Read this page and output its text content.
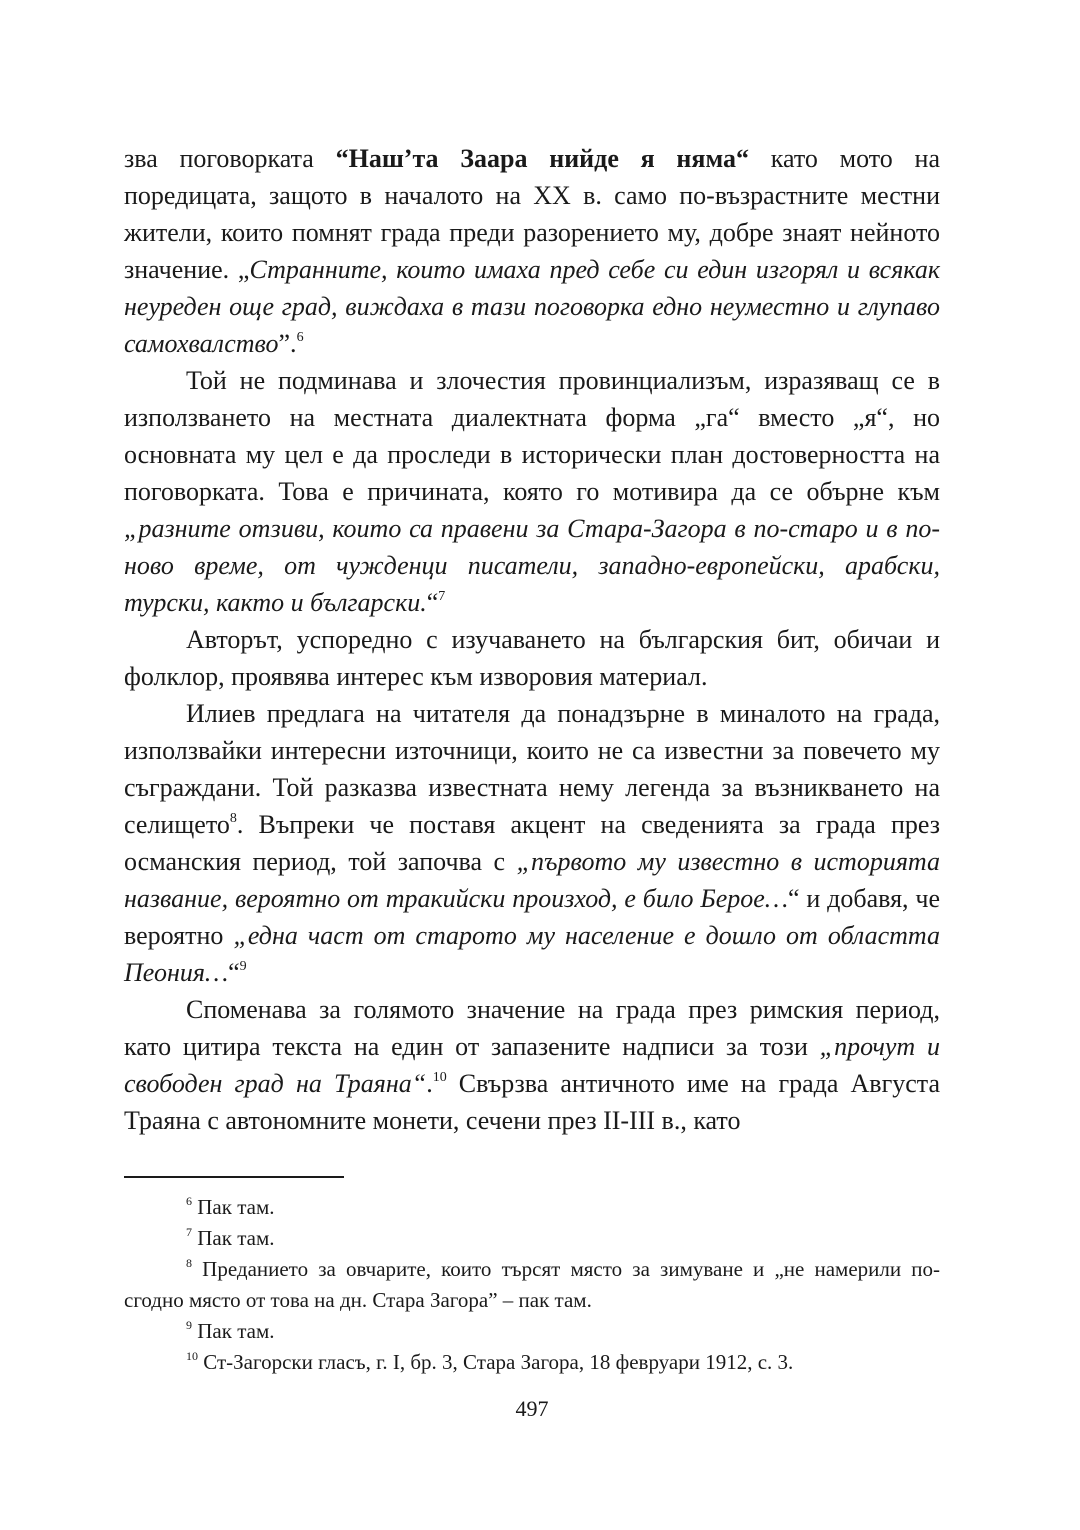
зва поговорката “Наш’та Заара нийде я няма“ като мото на поредицата, защото в началото на XX в. само по-възрастните местни жители, които помнят града преди разорението му, добре знаят нейното значение. „Странните, които имаха пред себе си един изгорял и всякак неуреден още град, виждаха в тази поговорка едно неуместно и глупаво самохвалство”.$^6$

Той не подминава и злочестия провинциализъм, изразяващ се в използването на местната диалектната форма „га“ вместо „я“, но основната му цел е да проследи в исторически план достоверността на поговорката. Това е причината, която го мотивира да се обърне към „разните отзиви, които са правени за Стара-Загора в по-старо и в по-ново време, от чужденци писатели, западно-европейски, арабски, турски, както и български.“$^7$

Авторът, успоредно с изучаването на българския бит, обичаи и фолклор, проявява интерес към изворовия материал.

Илиев предлага на читателя да понадзърне в миналото на града, използвайки интересни източници, които не са известни за повечето му съграждани. Той разказва известната нему легенда за възникването на селището$^8$. Въпреки че поставя акцент на сведенията за града през османския период, той започва с „първото му известно в историята название, вероятно от тракийски произход, е било Берое…“ и добавя, че вероятно „една част от старото му население е дошло от областта Пеония…“$^9$

Споменава за голямото значение на града през римския период, като цитира текста на един от запазените надписи за този „прочут и свободен град на Траяна“.$^{10}$ Свързва античното име на града Августа Траяна с автономните монети, сечени през II-III в., като

$^6$ Пак там.

$^7$ Пак там.

$^8$ Преданието за овчарите, които търсят място за зимуване и „не намерили по-сгодно място от това на дн. Стара Загора” – пак там.

$^9$ Пак там.

$^{10}$ Ст-Загорски гласъ, г. I, бр. 3, Стара Загора, 18 февруари 1912, с. 3.

497
